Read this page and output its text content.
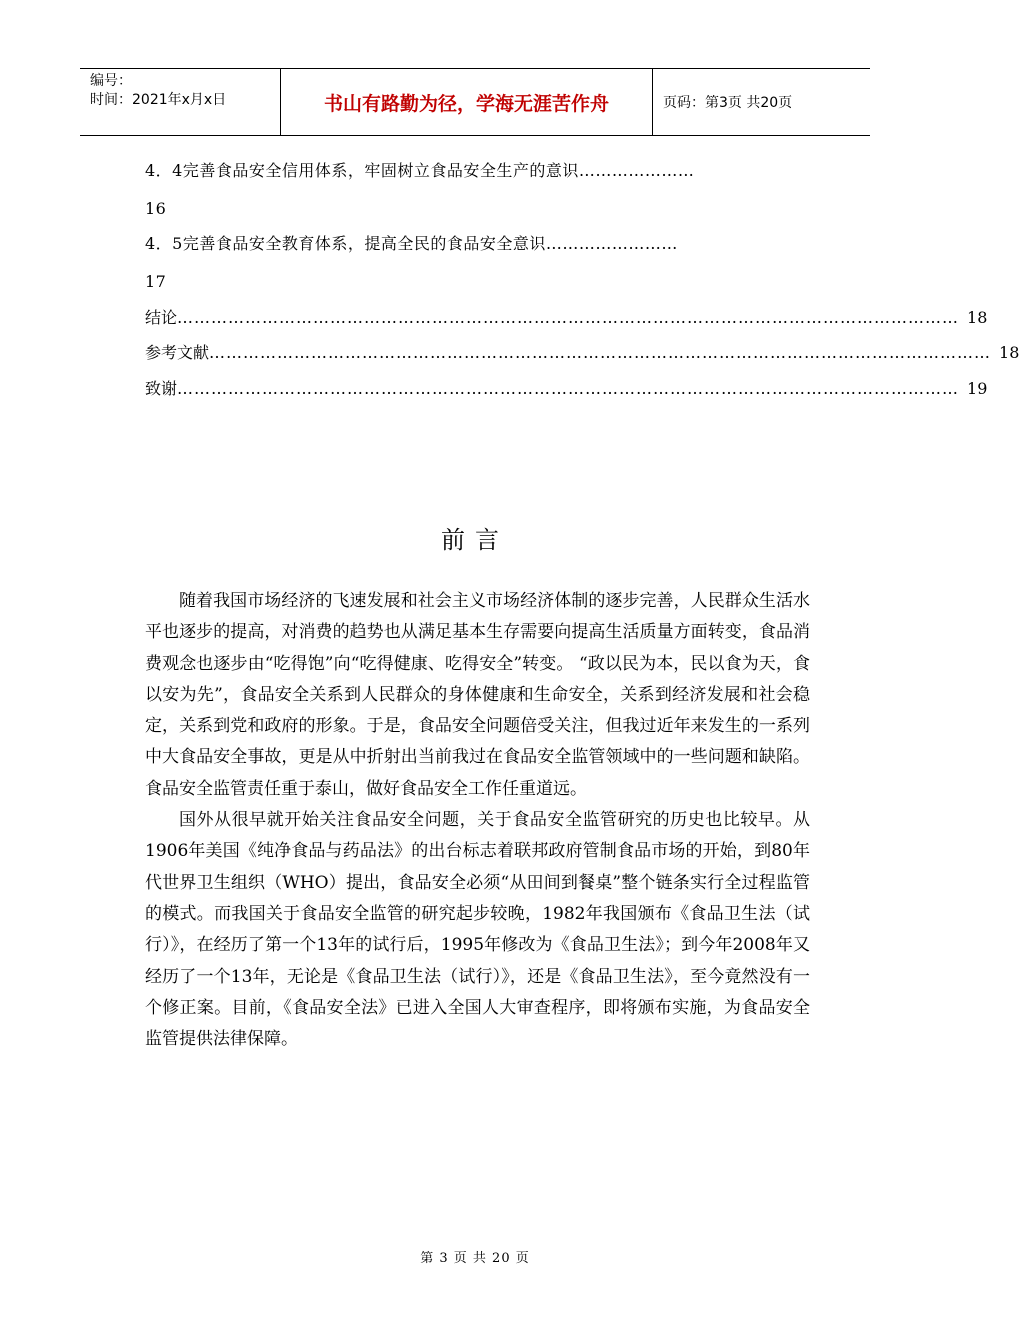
编号：
时间：2021年x月x日	书山有路勤为径，学海无涯苦作舟	页码：第3页 共20页
4．4完善食品安全信用体系，牢固树立食品安全生产的意识…………………
16
4．5完善食品安全教育体系，提高全民的食品安全意识……………………
17
结论 ………………………………………………………………………………………………………………………… 18
参考文献 ………………………………………………………………………………………………………………………… 18
致谢 ………………………………………………………………………………………………………………………… 19
前言

随着我国市场经济的飞速发展和社会主义市场经济体制的逐步完善，人民群众生活水平也逐步的提高，对消费的趋势也从满足基本生存需要向提高生活质量方面转变，食品消费观念也逐步由“吃得饱”向“吃得健康、吃得安全”转变。 “政以民为本，民以食为天，食以安为先”，食品安全关系到人民群众的身体健康和生命安全，关系到经济发展和社会稳定，关系到党和政府的形象。于是，食品安全问题倍受关注，但我过近年来发生的一系列中大食品安全事故，更是从中折射出当前我过在食品安全监管领域中的一些问题和缺陷。食品安全监管责任重于泰山，做好食品安全工作任重道远。

国外从很早就开始关注食品安全问题，关于食品安全监管研究的历史也比较早。从1906年美国《纯净食品与药品法》的出台标志着联邦政府管制食品市场的开始，到80年代世界卫生组织（WHO）提出，食品安全必须“从田间到餐桌”整个链条实行全过程监管的模式。而我国关于食品安全监管的研究起步较晚，1982年我国颁布《食品卫生法（试行）》，在经历了第一个13年的试行后，1995年修改为《食品卫生法》；到今年2008年又经历了一个13年，无论是《食品卫生法（试行）》，还是《食品卫生法》，至今竟然没有一个修正案。目前，《食品安全法》已进入全国人大审查程序，即将颁布实施，为食品安全监管提供法律保障。

第 3 页 共 20 页
